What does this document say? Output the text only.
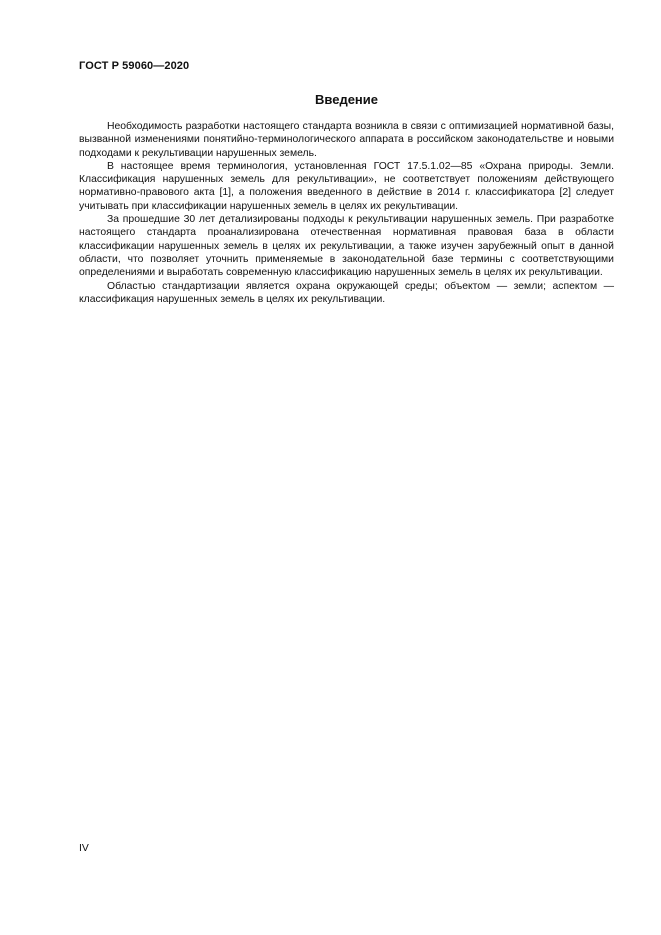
ГОСТ Р 59060—2020
Введение

Необходимость разработки настоящего стандарта возникла в связи с оптимизацией нормативной базы, вызванной изменениями понятийно-терминологического аппарата в российском законодательстве и новыми подходами к рекультивации нарушенных земель.

В настоящее время терминология, установленная ГОСТ 17.5.1.02—85 «Охрана природы. Земли. Классификация нарушенных земель для рекультивации», не соответствует положениям действующего нормативно-правового акта [1], а положения введенного в действие в 2014 г. классификатора [2] следует учитывать при классификации нарушенных земель в целях их рекультивации.

За прошедшие 30 лет детализированы подходы к рекультивации нарушенных земель. При разработке настоящего стандарта проанализирована отечественная нормативная правовая база в области классификации нарушенных земель в целях их рекультивации, а также изучен зарубежный опыт в данной области, что позволяет уточнить применяемые в законодательной базе термины с соответствующими определениями и выработать современную классификацию нарушенных земель в целях их рекультивации.

Областью стандартизации является охрана окружающей среды; объектом — земли; аспектом — классификация нарушенных земель в целях их рекультивации.

IV
